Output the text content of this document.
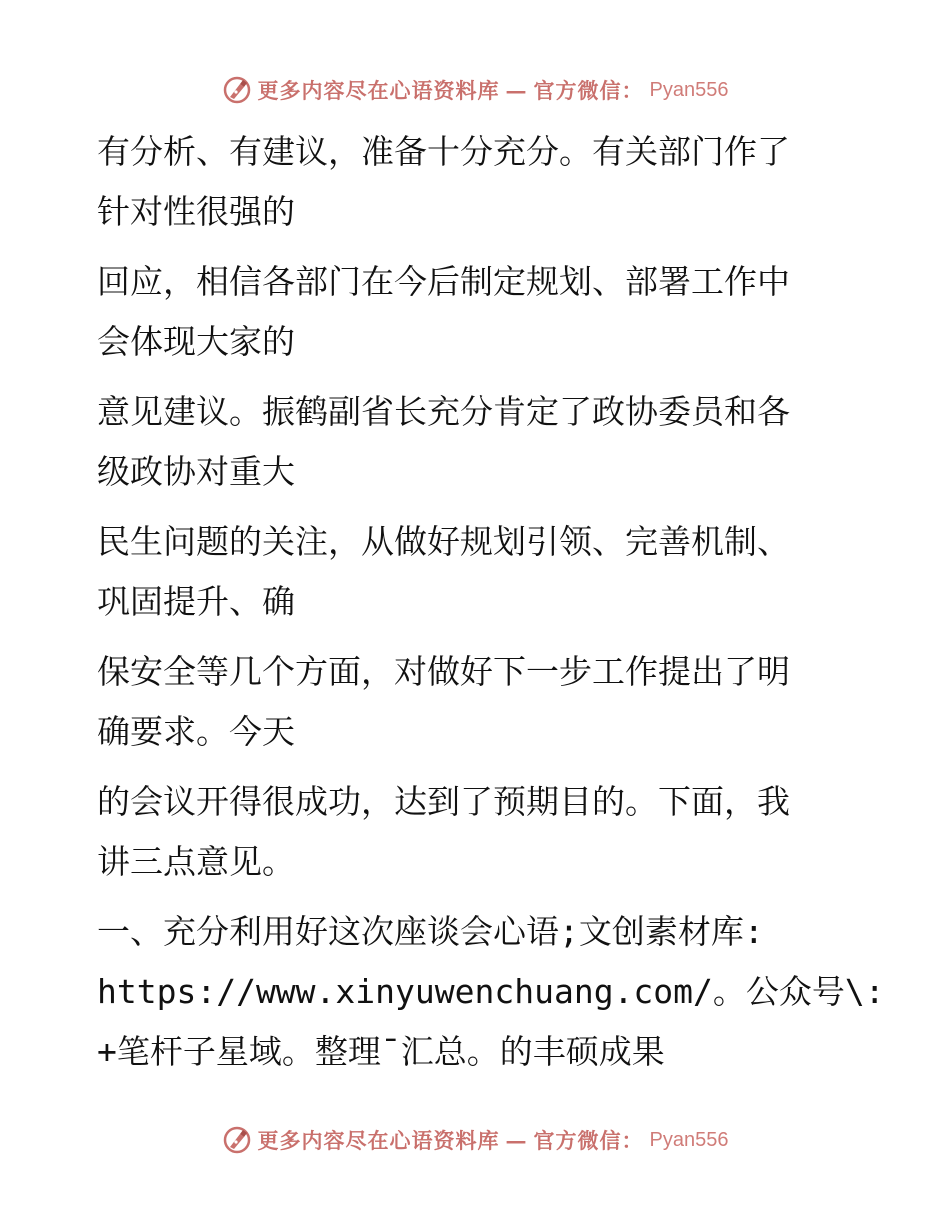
更多内容尽在心语资料库 — 官方微信： Pyan556
有分析、有建议，准备十分充分。有关部门作了
针对性很强的
回应，相信各部门在今后制定规划、部署工作中
会体现大家的
意见建议。振鹤副省长充分肯定了政协委员和各
级政协对重大
民生问题的关注，从做好规划引领、完善机制、
巩固提升、确
保安全等几个方面，对做好下一步工作提出了明
确要求。今天
的会议开得很成功，达到了预期目的。下面，我
讲三点意见。
一、充分利用好这次座谈会心语;文创素材库:
https://www.xinyuwenchuang.com/。公众号\:
+笔杆子星域。整理¯汇总。的丰硕成果
更多内容尽在心语资料库 — 官方微信： Pyan556
